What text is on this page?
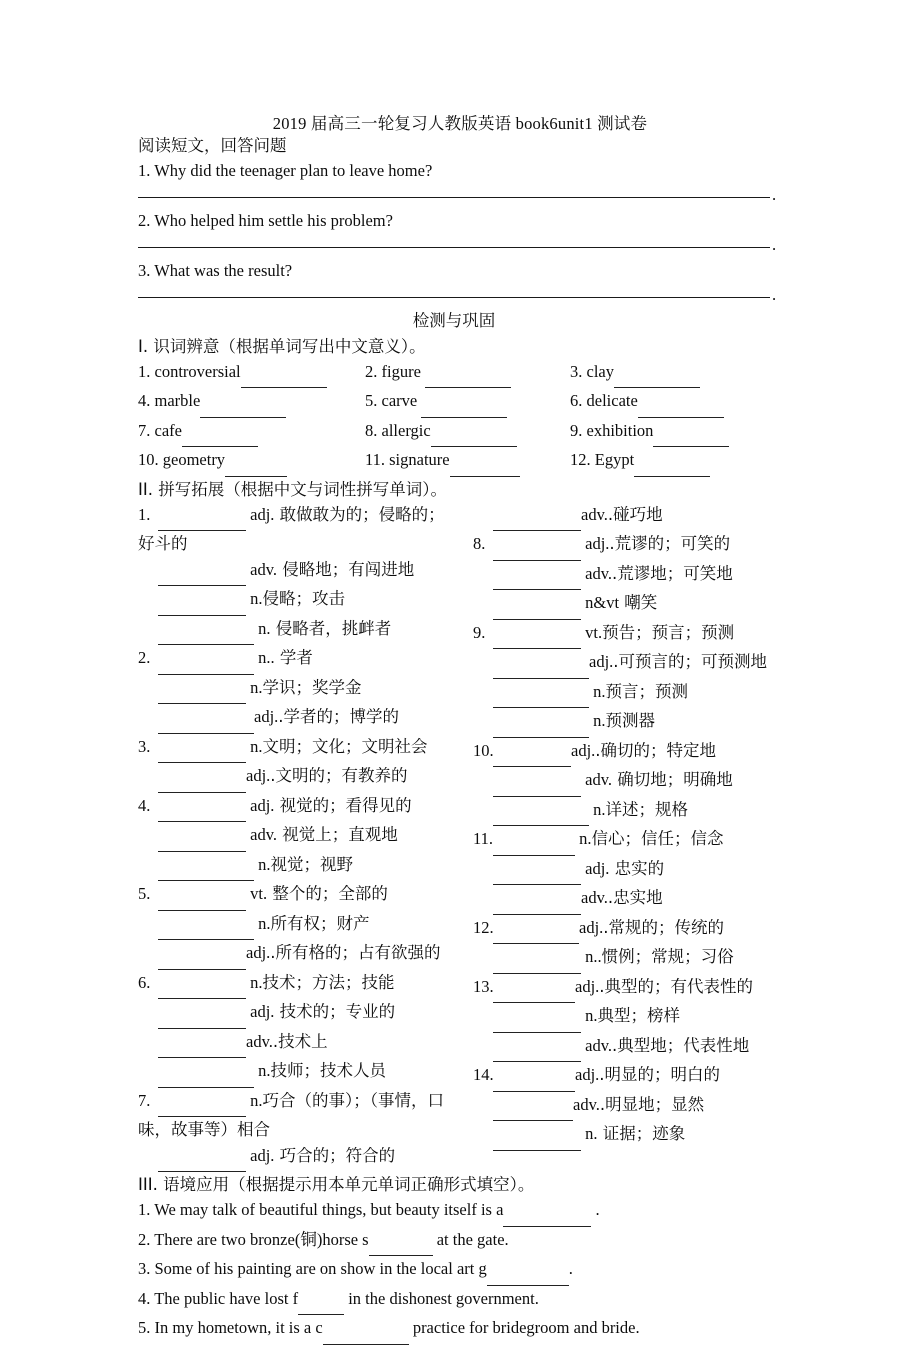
2019 届高三一轮复习人教版英语 book6unit1 测试卷
阅读短文，回答问题
1. Why did the teenager plan to leave home?
.
2. Who helped him settle his problem?
.
3. What was the result?
.
检测与巩固
I. 识词辨意（根据单词写出中文意义）。
1. controversial	2. figure	3. clay
4. marble	5. carve	6. delicate
7. cafe	8. allergic	9. exhibition
10. geometry	11. signature	12. Egypt
II. 拼写拓展（根据中文与词性拼写单词）。
1.	adj. 敢做敢为的；侵略的；
好斗的
adv. 侵略地；有闯进地
n.侵略；攻击
n. 侵略者，挑衅者
2.	n.. 学者
n.学识；奖学金
adj..学者的；博学的
3.	n.文明；文化；文明社会
adj..文明的；有教养的
4.	adj. 视觉的；看得见的
adv. 视觉上；直观地
n.视觉；视野
5.	vt. 整个的；全部的
n.所有权；财产
adj..所有格的；占有欲强的
6.	n.技术；方法；技能
adj. 技术的；专业的
adv..技术上
n.技师；技术人员
7.	n.巧合（的事）；（事情，口
味，故事等）相合
adj. 巧合的；符合的
adv..碰巧地
8.	adj..荒谬的；可笑的
adv..荒谬地；可笑地
n&vt 嘲笑
9.	vt.预告；预言；预测
adj..可预言的；可预测地
n.预言；预测
n.预测器
10.	adj..确切的；特定地
adv. 确切地；明确地
n.详述；规格
11.	n.信心；信任；信念
adj. 忠实的
adv..忠实地
12.	adj..常规的；传统的
n..惯例；常规；习俗
13.	adj..典型的；有代表性的
n.典型；榜样
adv..典型地；代表性地
14.	adj..明显的；明白的
adv..明显地；显然
n. 证据；迹象
III. 语境应用（根据提示用本单元单词正确形式填空）。
1. We may talk of beautiful things, but beauty itself is a	.
2. There are two bronze(铜)horse s	at the gate.
3. Some of his painting are on show in the local art g	.
4. The public have lost f	in the dishonest government.
5. In my hometown, it is a c	practice for bridegroom and bride.
